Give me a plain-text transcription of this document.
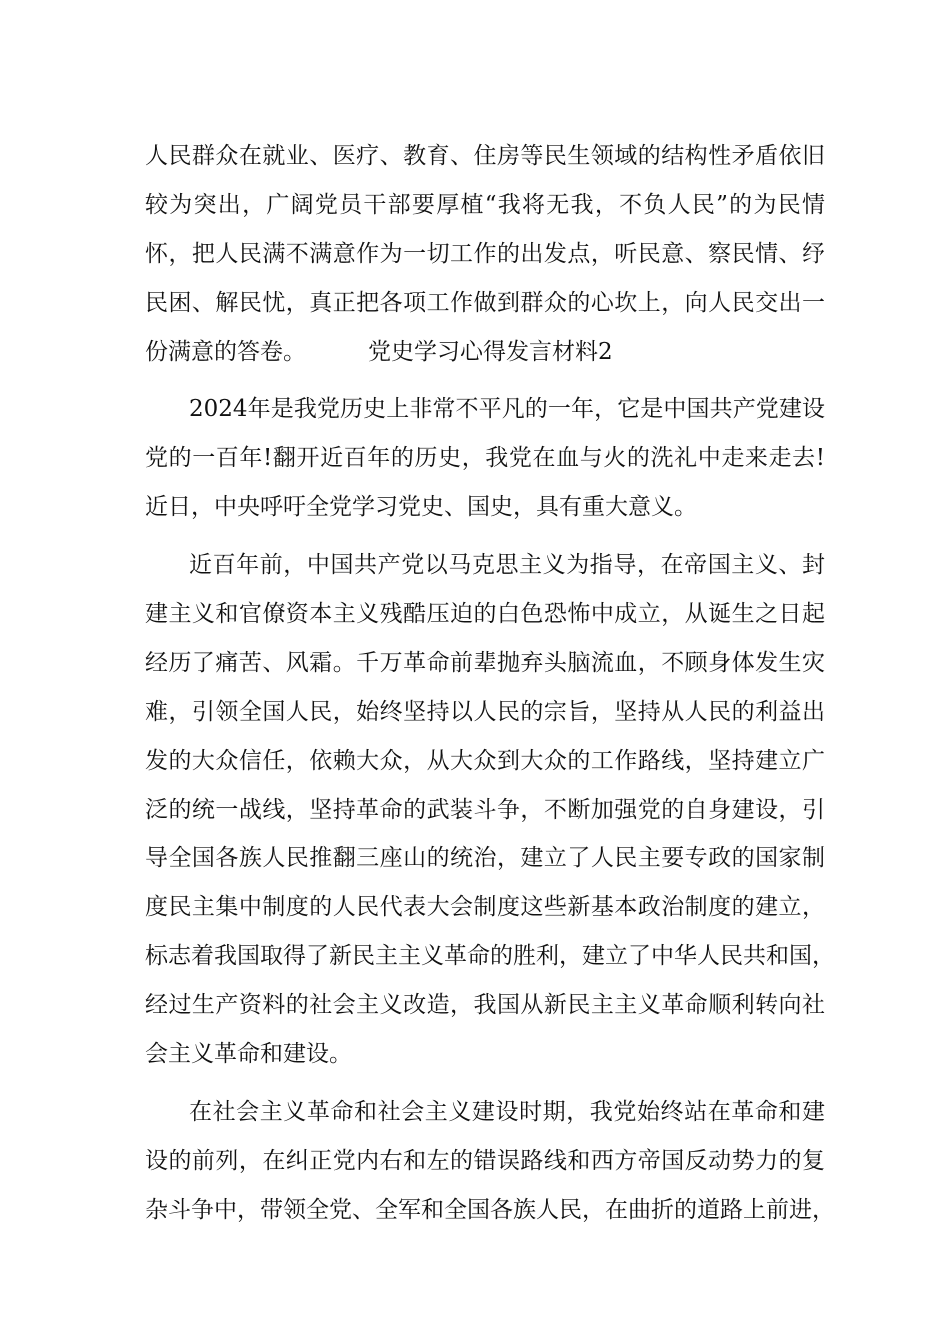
人民群众在就业、医疗、教育、住房等民生领域的结构性矛盾依旧
较为突出，广阔党员干部要厚植“我将无我，不负人民”的为民情
怀，把人民满不满意作为一切工作的出发点，听民意、察民情、纾
民困、解民忧，真正把各项工作做到群众的心坎上，向人民交出一
份满意的答卷。	党史学习心得发言材料2
2024年是我党历史上非常不平凡的一年，它是中国共产党建设
党的一百年!翻开近百年的历史，我党在血与火的洗礼中走来走去!
近日，中央呼吁全党学习党史、国史，具有重大意义。
近百年前，中国共产党以马克思主义为指导，在帝国主义、封
建主义和官僚资本主义残酷压迫的白色恐怖中成立，从诞生之日起
经历了痛苦、风霜。千万革命前辈抛弃头脑流血，不顾身体发生灾
难，引领全国人民，始终坚持以人民的宗旨，坚持从人民的利益出
发的大众信任，依赖大众，从大众到大众的工作路线，坚持建立广
泛的统一战线，坚持革命的武装斗争，不断加强党的自身建设，引
导全国各族人民推翻三座山的统治，建立了人民主要专政的国家制
度民主集中制度的人民代表大会制度这些新基本政治制度的建立，
标志着我国取得了新民主主义革命的胜利，建立了中华人民共和国，
经过生产资料的社会主义改造，我国从新民主主义革命顺利转向社
会主义革命和建设。
在社会主义革命和社会主义建设时期，我党始终站在革命和建
设的前列，在纠正党内右和左的错误路线和西方帝国反动势力的复
杂斗争中，带领全党、全军和全国各族人民，在曲折的道路上前进，
